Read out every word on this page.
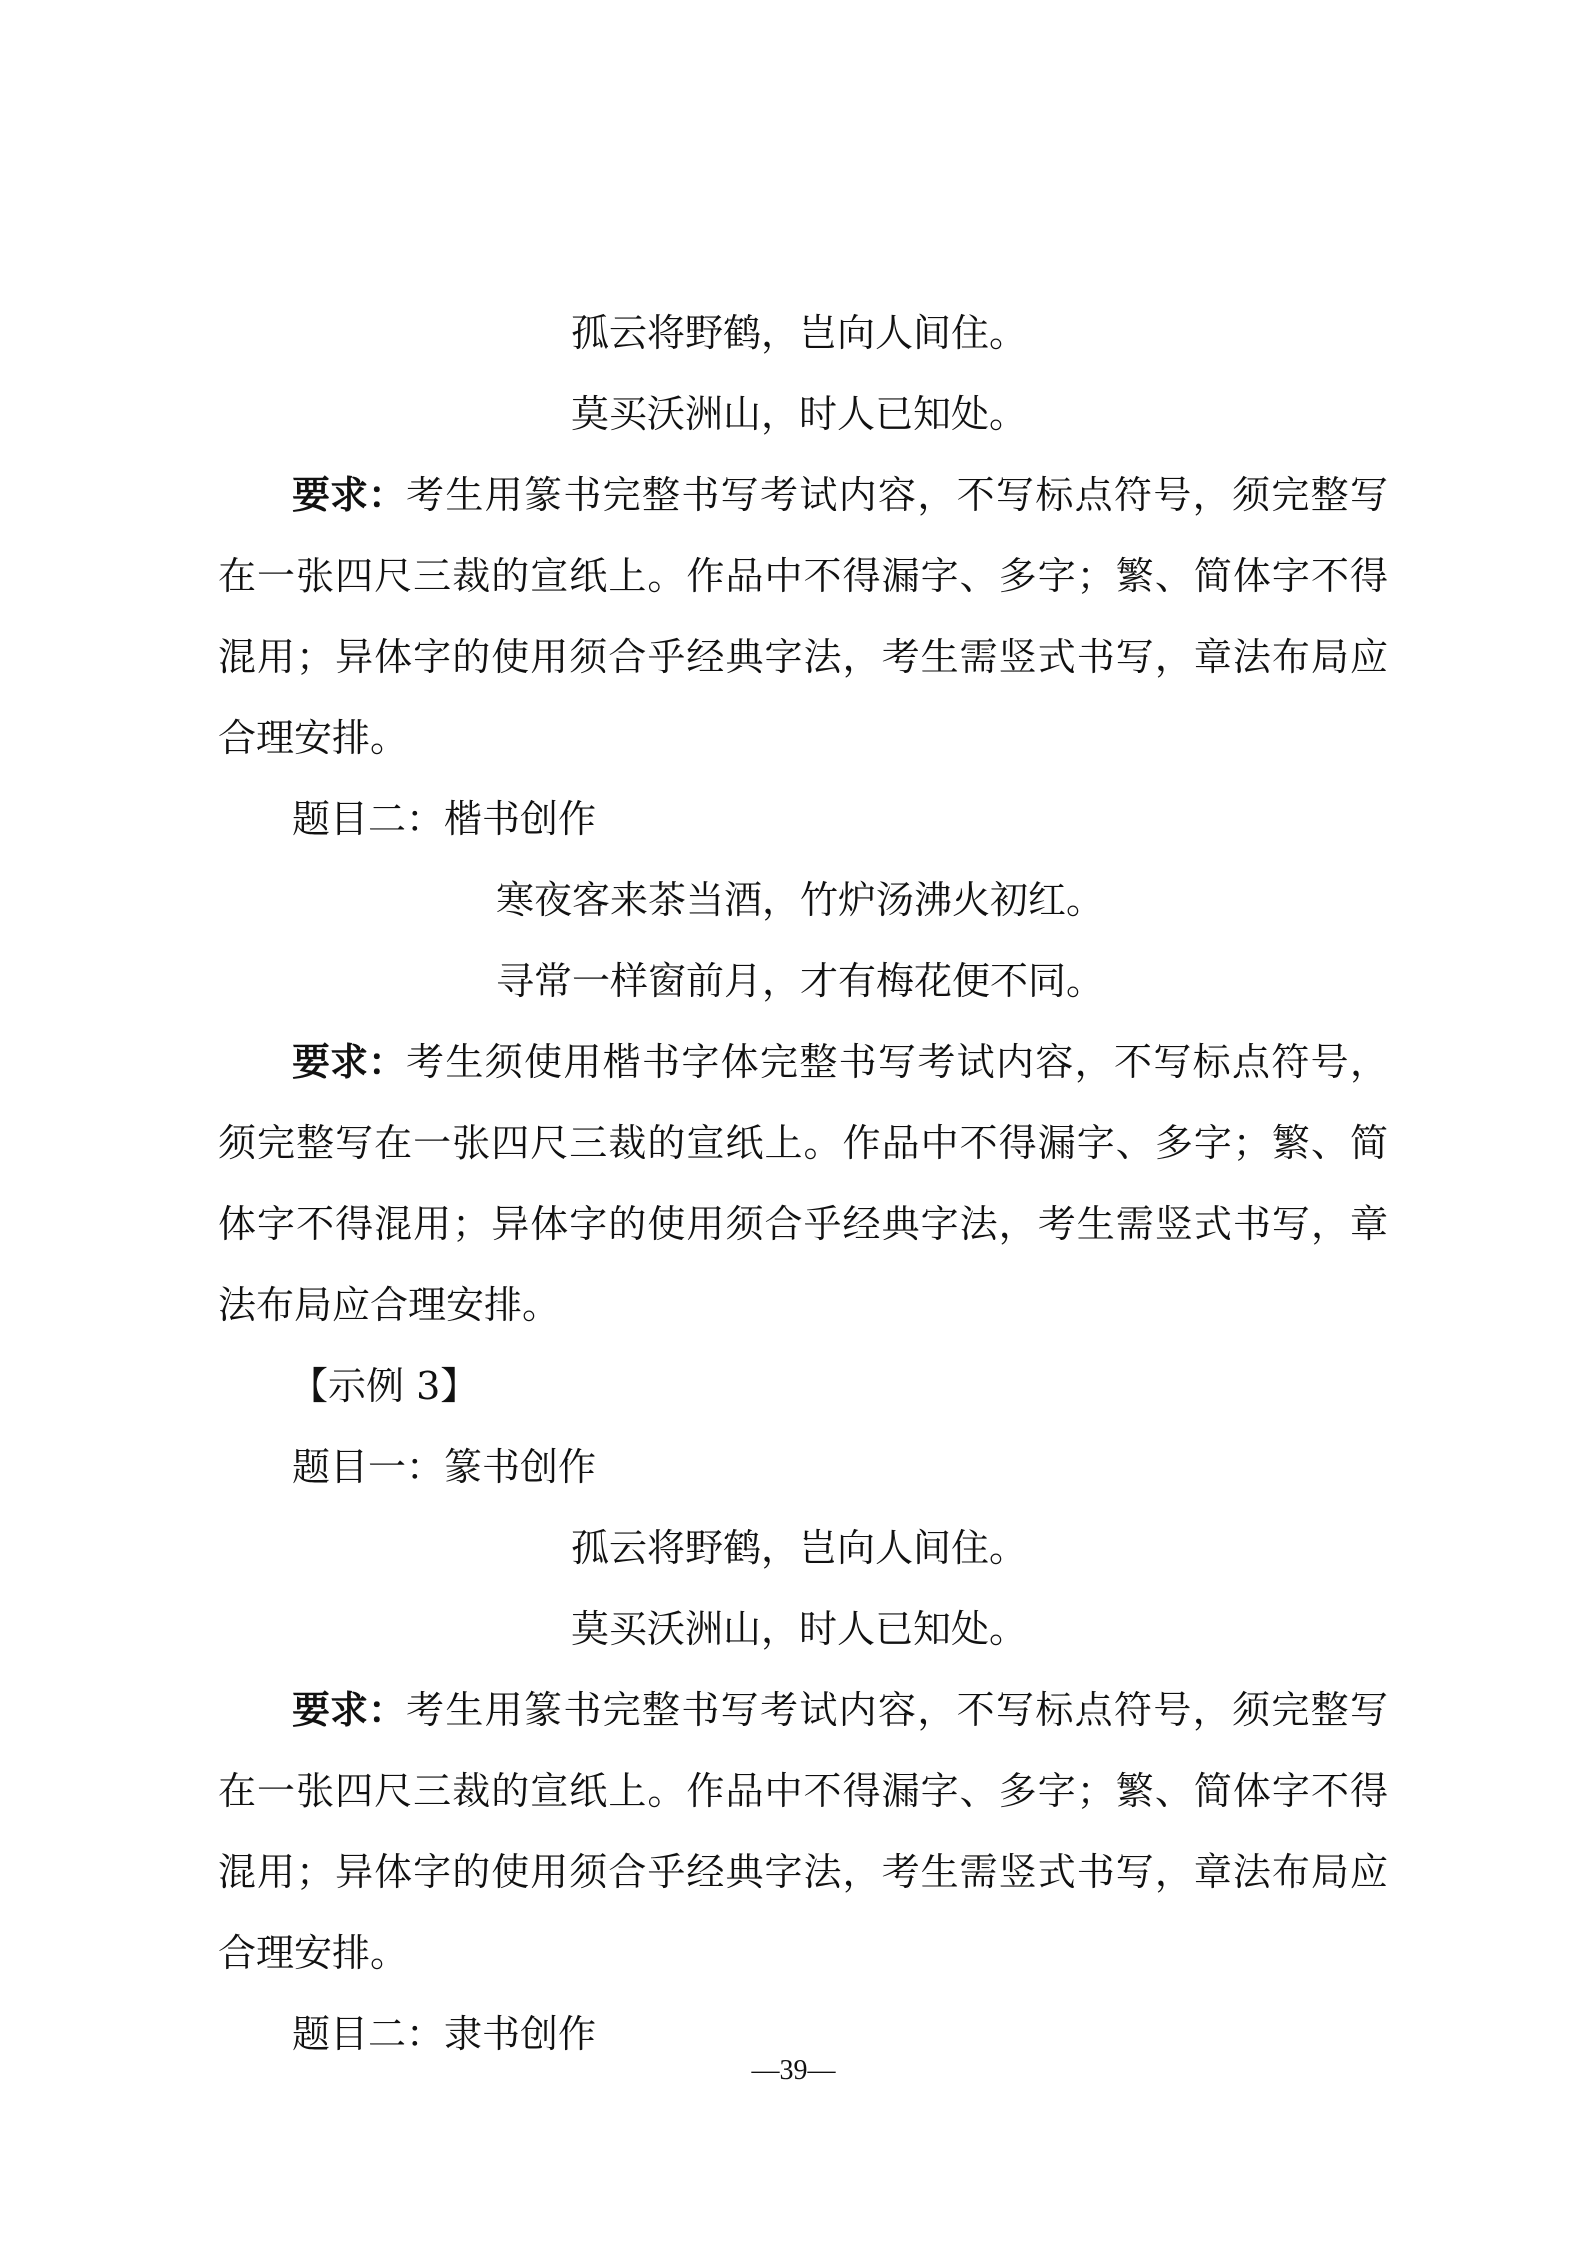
孤云将野鹤，岂向人间住。
莫买沃洲山，时人已知处。
要求： 考生用篆书完整书写考试内容，不写标点符号，须完整写
在一张四尺三裁的宣纸上。作品中不得漏字、多字；繁、简体字不得
混用；异体字的使用须合乎经典字法，考生需竖式书写，章法布局应
合理安排。
题目二：楷书创作
寒夜客来茶当酒，竹炉汤沸火初红。
寻常一样窗前月，才有梅花便不同。
要求： 考生须使用楷书字体完整书写考试内容，不写标点符号，
须完整写在一张四尺三裁的宣纸上。作品中不得漏字、多字；繁、简
体字不得混用；异体字的使用须合乎经典字法，考生需竖式书写，章
法布局应合理安排。
【示例 3】
题目一：篆书创作
孤云将野鹤，岂向人间住。
莫买沃洲山，时人已知处。
要求： 考生用篆书完整书写考试内容，不写标点符号，须完整写
在一张四尺三裁的宣纸上。作品中不得漏字、多字；繁、简体字不得
混用；异体字的使用须合乎经典字法，考生需竖式书写，章法布局应
合理安排。
题目二：隶书创作
—39—
